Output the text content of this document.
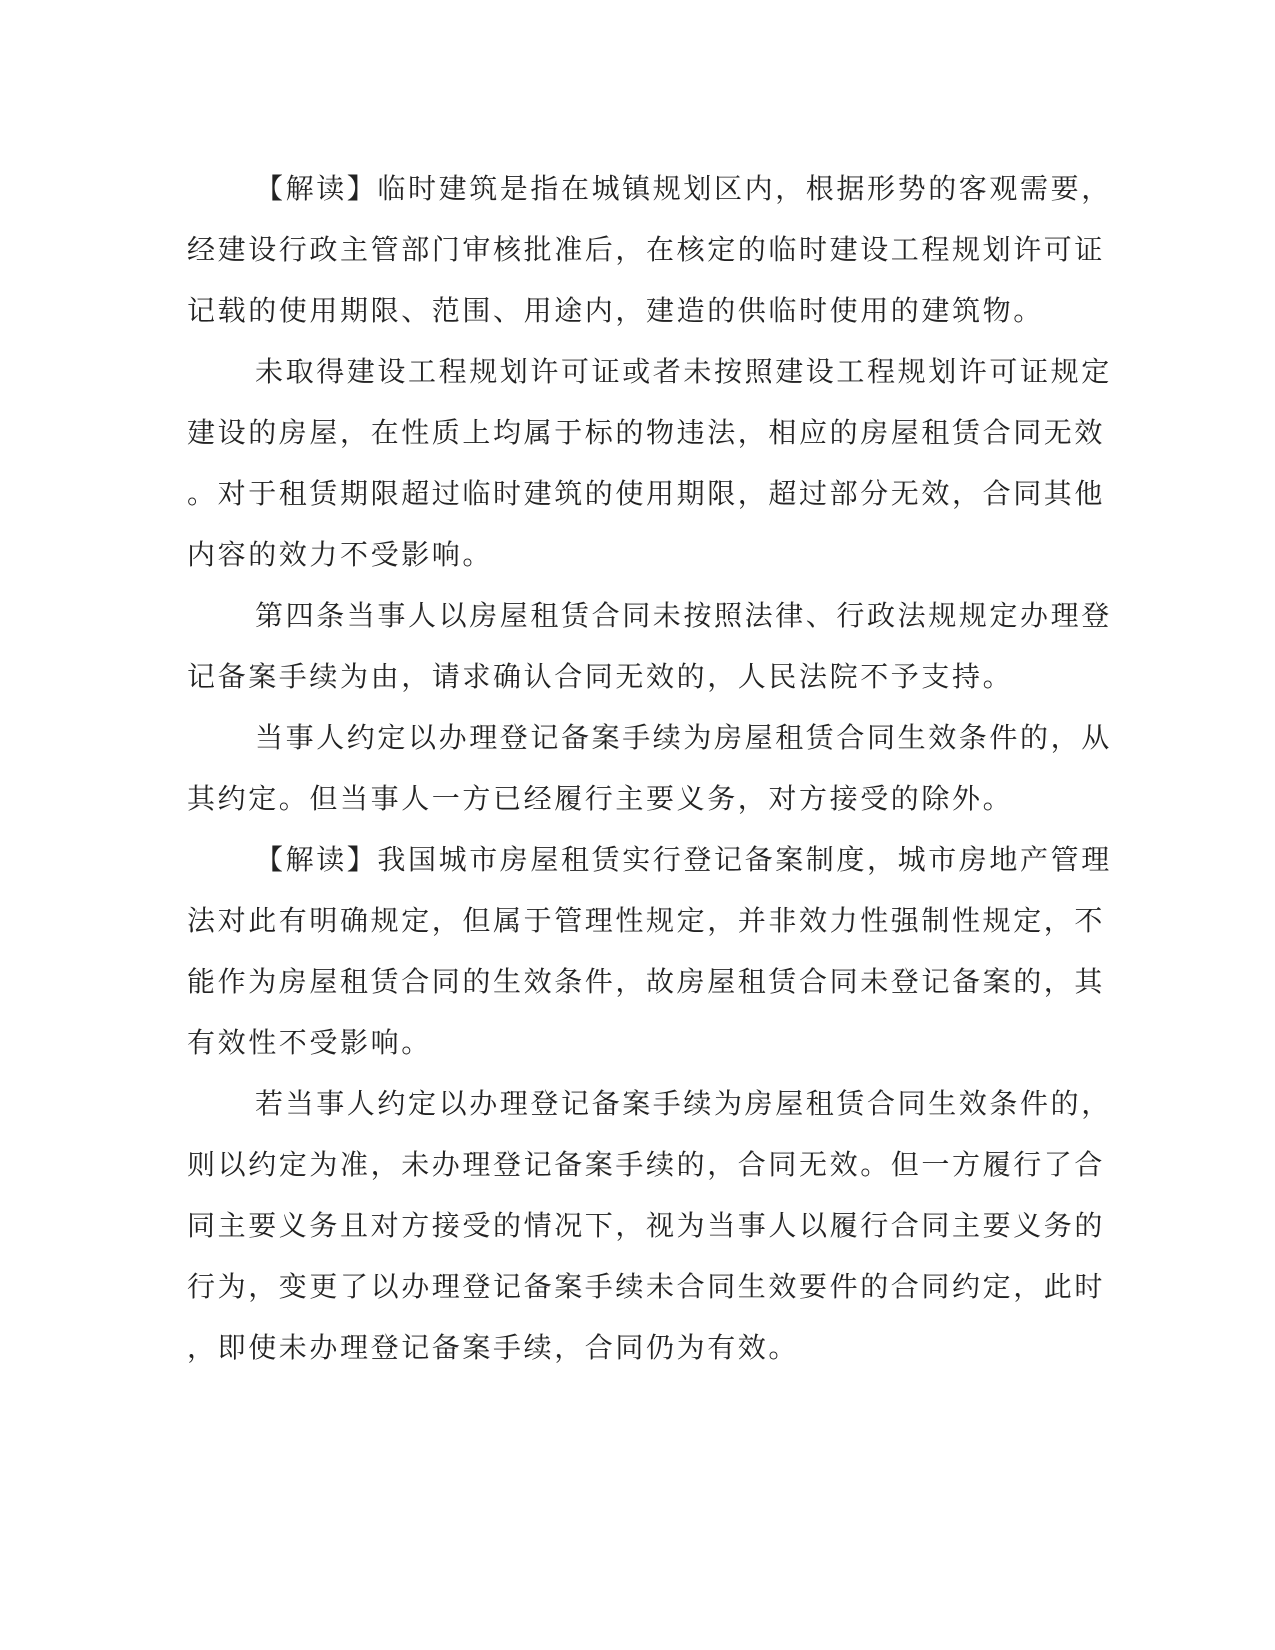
【解读】临时建筑是指在城镇规划区内，根据形势的客观需要，
经建设行政主管部门审核批准后，在核定的临时建设工程规划许可证
记载的使用期限、范围、用途内，建造的供临时使用的建筑物。
未取得建设工程规划许可证或者未按照建设工程规划许可证规定
建设的房屋，在性质上均属于标的物违法，相应的房屋租赁合同无效
。对于租赁期限超过临时建筑的使用期限，超过部分无效，合同其他
内容的效力不受影响。
第四条当事人以房屋租赁合同未按照法律、行政法规规定办理登
记备案手续为由，请求确认合同无效的，人民法院不予支持。
当事人约定以办理登记备案手续为房屋租赁合同生效条件的，从
其约定。但当事人一方已经履行主要义务，对方接受的除外。
【解读】我国城市房屋租赁实行登记备案制度，城市房地产管理
法对此有明确规定，但属于管理性规定，并非效力性强制性规定，不
能作为房屋租赁合同的生效条件，故房屋租赁合同未登记备案的，其
有效性不受影响。
若当事人约定以办理登记备案手续为房屋租赁合同生效条件的，
则以约定为准，未办理登记备案手续的，合同无效。但一方履行了合
同主要义务且对方接受的情况下，视为当事人以履行合同主要义务的
行为，变更了以办理登记备案手续未合同生效要件的合同约定，此时
，即使未办理登记备案手续，合同仍为有效。
